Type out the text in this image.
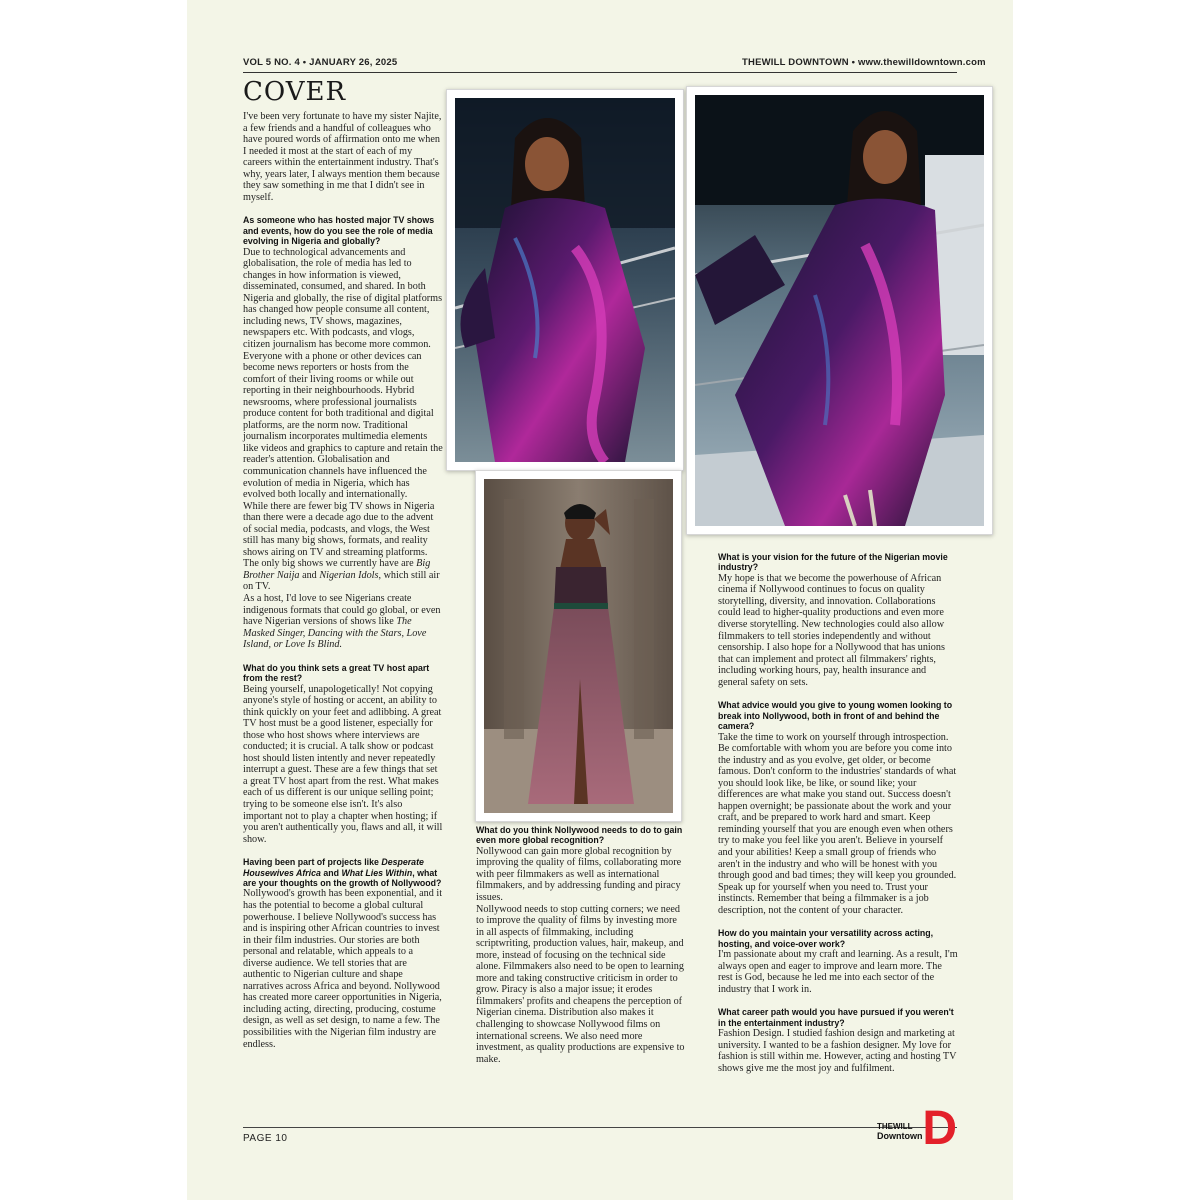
VOL 5 NO. 4 • JANUARY 26, 2025	THEWILL DOWNTOWN • www.thewilldowntown.com
COVER

I've been very fortunate to have my sister Najite, a few friends and a handful of colleagues who have poured words of affirmation onto me when I needed it most at the start of each of my careers within the entertainment industry. That's why, years later, I always mention them because they saw something in me that I didn't see in myself.

As someone who has hosted major TV shows and events, how do you see the role of media evolving in Nigeria and globally?

Due to technological advancements and globalisation, the role of media has led to changes in how information is viewed, disseminated, consumed, and shared. In both Nigeria and globally, the rise of digital platforms has changed how people consume all content, including news, TV shows, magazines, newspapers etc. With podcasts, and vlogs, citizen journalism has become more common. Everyone with a phone or other devices can become news reporters or hosts from the comfort of their living rooms or while out reporting in their neighbourhoods. Hybrid newsrooms, where professional journalists produce content for both traditional and digital platforms, are the norm now. Traditional journalism incorporates multimedia elements like videos and graphics to capture and retain the reader's attention. Globalisation and communication channels have influenced the evolution of media in Nigeria, which has evolved both locally and internationally.

While there are fewer big TV shows in Nigeria than there were a decade ago due to the advent of social media, podcasts, and vlogs, the West still has many big shows, formats, and reality shows airing on TV and streaming platforms. The only big shows we currently have are Big Brother Naija and Nigerian Idols, which still air on TV.

As a host, I'd love to see Nigerians create indigenous formats that could go global, or even have Nigerian versions of shows like The Masked Singer, Dancing with the Stars, Love Island, or Love Is Blind.

What do you think sets a great TV host apart from the rest?

Being yourself, unapologetically! Not copying anyone's style of hosting or accent, an ability to think quickly on your feet and adlibbing. A great TV host must be a good listener, especially for those who host shows where interviews are conducted; it is crucial. A talk show or podcast host should listen intently and never repeatedly interrupt a guest. These are a few things that set a great TV host apart from the rest. What makes each of us different is our unique selling point; trying to be someone else isn't. It's also important not to play a chapter when hosting; if you aren't authentically you, flaws and all, it will show.

Having been part of projects like Desperate Housewives Africa and What Lies Within, what are your thoughts on the growth of Nollywood?

Nollywood's growth has been exponential, and it has the potential to become a global cultural powerhouse. I believe Nollywood's success has and is inspiring other African countries to invest in their film industries. Our stories are both personal and relatable, which appeals to a diverse audience. We tell stories that are authentic to Nigerian culture and shape narratives across Africa and beyond. Nollywood has created more career opportunities in Nigeria, including acting, directing, producing, costume design, as well as set design, to name a few. The possibilities with the Nigerian film industry are endless.

What do you think Nollywood needs to do to gain even more global recognition?

Nollywood can gain more global recognition by improving the quality of films, collaborating more with peer filmmakers as well as international filmmakers, and by addressing funding and piracy issues.

Nollywood needs to stop cutting corners; we need to improve the quality of films by investing more in all aspects of filmmaking, including scriptwriting, production values, hair, makeup, and more, instead of focusing on the technical side alone. Filmmakers also need to be open to learning more and taking constructive criticism in order to grow. Piracy is also a major issue; it erodes filmmakers' profits and cheapens the perception of Nigerian cinema. Distribution also makes it challenging to showcase Nollywood films on international screens. We also need more investment, as quality productions are expensive to make.

What is your vision for the future of the Nigerian movie industry?

My hope is that we become the powerhouse of African cinema if Nollywood continues to focus on quality storytelling, diversity, and innovation. Collaborations could lead to higher-quality productions and even more diverse storytelling. New technologies could also allow filmmakers to tell stories independently and without censorship. I also hope for a Nollywood that has unions that can implement and protect all filmmakers' rights, including working hours, pay, health insurance and general safety on sets.

What advice would you give to young women looking to break into Nollywood, both in front of and behind the camera?

Take the time to work on yourself through introspection. Be comfortable with whom you are before you come into the industry and as you evolve, get older, or become famous. Don't conform to the industries' standards of what you should look like, be like, or sound like; your differences are what make you stand out. Success doesn't happen overnight; be passionate about the work and your craft, and be prepared to work hard and smart. Keep reminding yourself that you are enough even when others try to make you feel like you aren't. Believe in yourself and your abilities! Keep a small group of friends who aren't in the industry and who will be honest with you through good and bad times; they will keep you grounded. Speak up for yourself when you need to. Trust your instincts. Remember that being a filmmaker is a job description, not the content of your character.

How do you maintain your versatility across acting, hosting, and voice-over work?

I'm passionate about my craft and learning. As a result, I'm always open and eager to improve and learn more. The rest is God, because he led me into each sector of the industry that I work in.

What career path would you have pursued if you weren't in the entertainment industry?

Fashion Design. I studied fashion design and marketing at university. I wanted to be a fashion designer. My love for fashion is still within me. However, acting and hosting TV shows give me the most joy and fulfilment.

PAGE 10	D
THEWILL
Downtown
